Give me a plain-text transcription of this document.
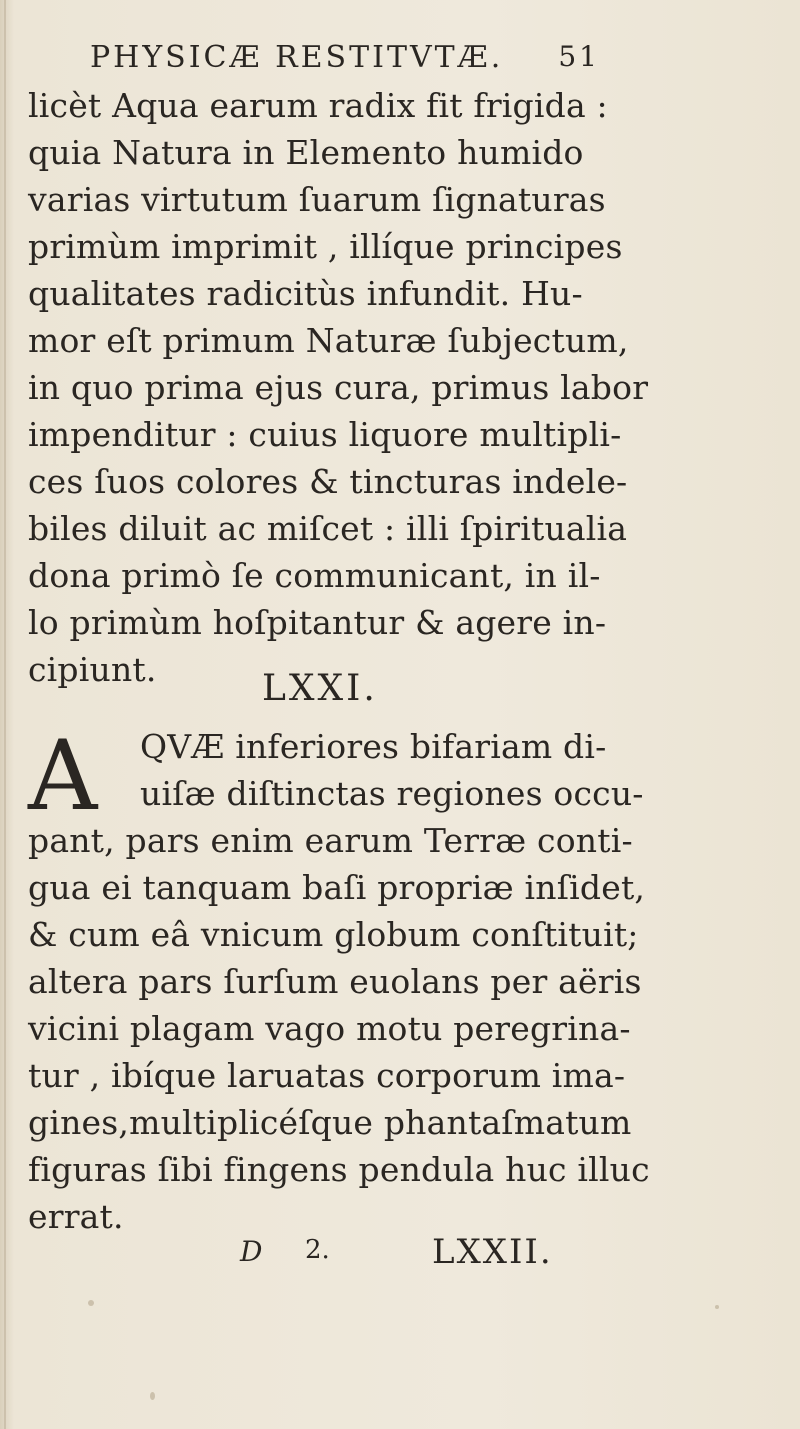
PHYSICÆ RESTITVTÆ. 51
licèt Aqua earum radix fit frigida :
quia Natura in Elemento humido
varias virtutum ſuarum ſignaturas
primùm imprimit , illíque principes
qualitates radicitùs infundit. Hu-
mor eſt primum Naturæ ſubjectum,
in quo prima ejus cura, primus labor
impenditur : cuius liquore multipli-
ces ſuos colores & tincturas indele-
biles diluit ac miſcet : illi ſpiritualia
dona primò ſe communicant, in il-
lo primùm hoſpitantur & agere in-
cipiunt.	LXXI.
A QVÆ inferiores bifariam di-
uiſæ diſtinctas regiones occu-
pant, pars enim earum Terræ conti-
gua ei tanquam baſi propriæ inſidet,
& cum eâ vnicum globum conſtituit;
altera pars ſurſum euolans per aëris
vicini plagam vago motu peregrina-
tur , ibíque laruatas corporum ima-
gines,multiplicéſque phantaſmatum
figuras ſibi fingens pendula huc illuc
errat.
D 2.	LXXII.
